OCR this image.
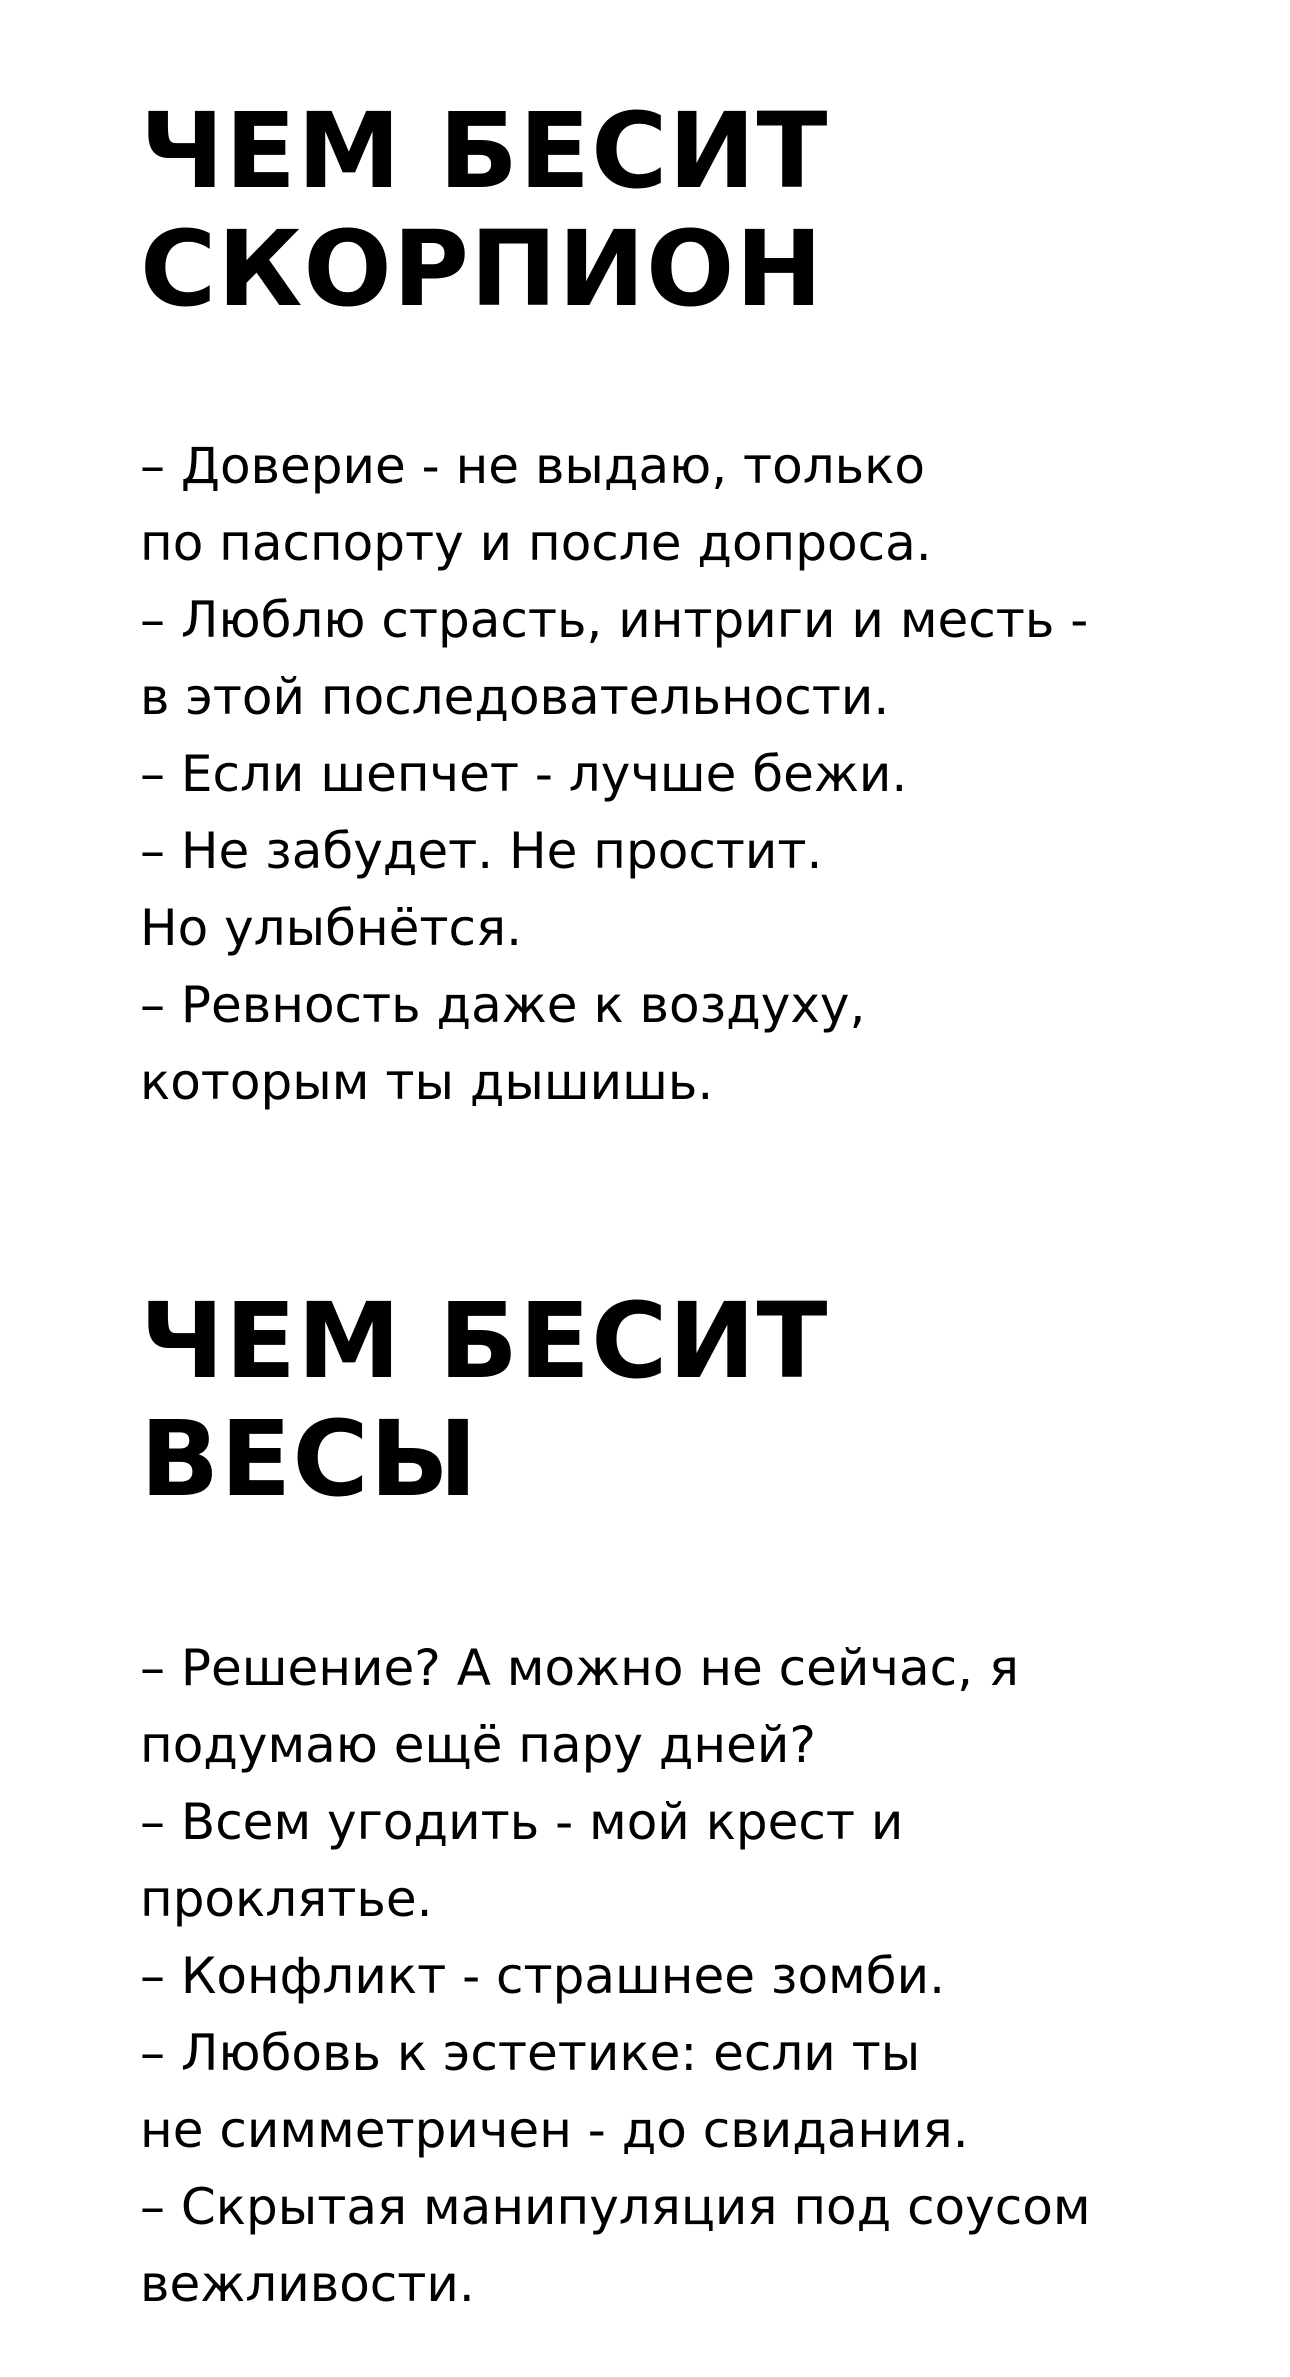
ЧЕМ БЕСИТ
СКОРПИОН
– Доверие - не выдаю, только
по паспорту и после допроса.
– Люблю страсть, интриги и месть -
в этой последовательности.
– Если шепчет - лучше бежи.
– Не забудет. Не простит.
Но улыбнётся.
– Ревность даже к воздуху,
которым ты дышишь.
ЧЕМ БЕСИТ
ВЕСЫ
– Решение? А можно не сейчас, я
подумаю ещё пару дней?
– Всем угодить - мой крест и
проклятье.
– Конфликт - страшнее зомби.
– Любовь к эстетике: если ты
не симметричен - до свидания.
– Скрытая манипуляция под соусом
вежливости.
